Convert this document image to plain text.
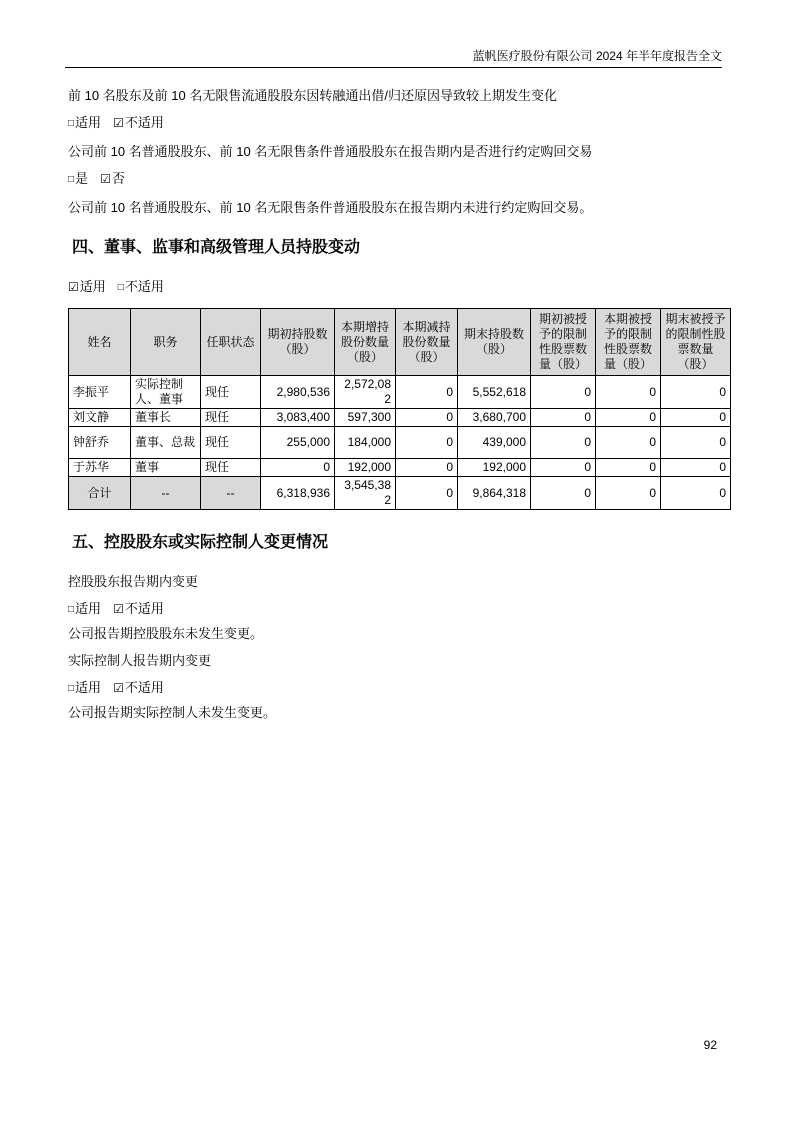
蓝帆医疗股份有限公司 2024 年半年度报告全文

前 10 名股东及前 10 名无限售流通股股东因转融通出借/归还原因导致较上期发生变化

□适用 ☑不适用

公司前 10 名普通股股东、前 10 名无限售条件普通股股东在报告期内是否进行约定购回交易

□是 ☑否

公司前 10 名普通股股东、前 10 名无限售条件普通股股东在报告期内未进行约定购回交易。

四、董事、监事和高级管理人员持股变动
☑适用 □不适用
姓名	职务	任职状态	期初持股数（股）	本期增持股份数量（股）	本期减持股份数量（股）	期末持股数（股）	期初被授予的限制性股票数量（股）	本期被授予的限制性股票数量（股）	期末被授予的限制性股票数量（股）
李振平	实际控制人、董事	现任	2,980,536	2,572,082	0	5,552,618	0	0	0
刘文静	董事长	现任	3,083,400	597,300	0	3,680,700	0	0	0
钟舒乔	董事、总裁	现任	255,000	184,000	0	439,000	0	0	0
于苏华	董事	现任	0	192,000	0	192,000	0	0	0
合计	--	--	6,318,936	3,545,382	0	9,864,318	0	0	0
五、控股股东或实际控制人变更情况

控股股东报告期内变更

□适用 ☑不适用

公司报告期控股股东未发生变更。

实际控制人报告期内变更

□适用 ☑不适用

公司报告期实际控制人未发生变更。

92
